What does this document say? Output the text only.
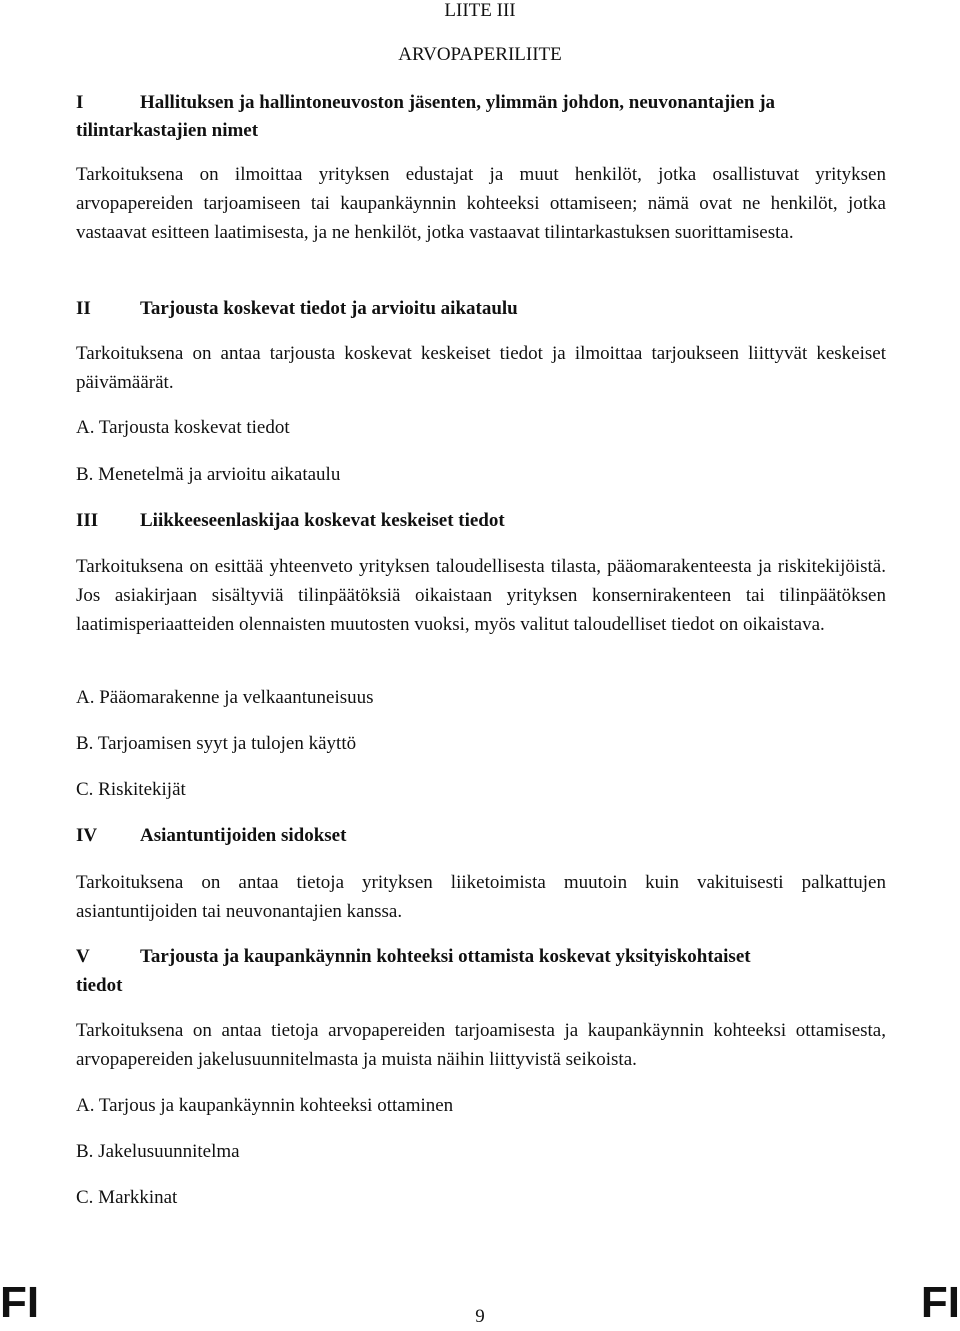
LIITE III
ARVOPAPERILIITE
I	Hallituksen ja hallintoneuvoston jäsenten, ylimmän johdon, neuvonantajien ja
tilintarkastajien nimet
Tarkoituksena on ilmoittaa yrityksen edustajat ja muut henkilöt, jotka osallistuvat yrityksen arvopapereiden tarjoamiseen tai kaupankäynnin kohteeksi ottamiseen; nämä ovat ne henkilöt, jotka vastaavat esitteen laatimisesta, ja ne henkilöt, jotka vastaavat tilintarkastuksen suorittamisesta.
II	Tarjousta koskevat tiedot ja arvioitu aikataulu
Tarkoituksena on antaa tarjousta koskevat keskeiset tiedot ja ilmoittaa tarjoukseen liittyvät keskeiset päivämäärät.
A. Tarjousta koskevat tiedot
B. Menetelmä ja arvioitu aikataulu
III Liikkeeseenlaskijaa koskevat keskeiset tiedot
Tarkoituksena on esittää yhteenveto yrityksen taloudellisesta tilasta, pääomarakenteesta ja riskitekijöistä. Jos asiakirjaan sisältyviä tilinpäätöksiä oikaistaan yrityksen konsernirakenteen tai tilinpäätöksen laatimisperiaatteiden olennaisten muutosten vuoksi, myös valitut taloudelliset tiedot on oikaistava.
A. Pääomarakenne ja velkaantuneisuus
B. Tarjoamisen syyt ja tulojen käyttö
C. Riskitekijät
IV Asiantuntijoiden sidokset
Tarkoituksena on antaa tietoja yrityksen liiketoimista muutoin kuin vakituisesti palkattujen asiantuntijoiden tai neuvonantajien kanssa.
V	Tarjousta ja kaupankäynnin kohteeksi ottamista koskevat yksityiskohtaiset
tiedot
Tarkoituksena on antaa tietoja arvopapereiden tarjoamisesta ja kaupankäynnin kohteeksi ottamisesta, arvopapereiden jakelusuunnitelmasta ja muista näihin liittyvistä seikoista.
A. Tarjous ja kaupankäynnin kohteeksi ottaminen
B. Jakelusuunnitelma
C. Markkinat
FI	9	FI
